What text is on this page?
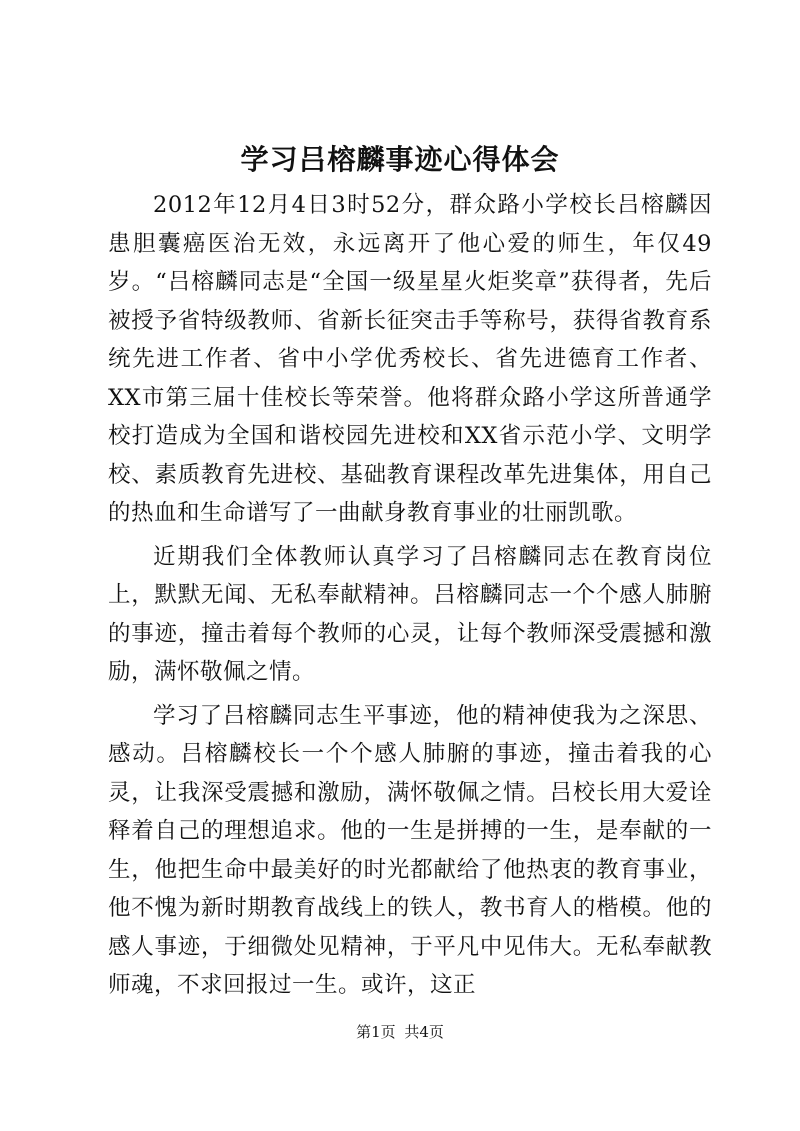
学习吕榕麟事迹心得体会

2012年12月4日3时52分，群众路小学校长吕榕麟因患胆囊癌医治无效，永远离开了他心爱的师生，年仅49岁。“吕榕麟同志是“全国一级星星火炬奖章”获得者，先后被授予省特级教师、省新长征突击手等称号，获得省教育系统先进工作者、省中小学优秀校长、省先进德育工作者、XX市第三届十佳校长等荣誉。他将群众路小学这所普通学校打造成为全国和谐校园先进校和XX省示范小学、文明学校、素质教育先进校、基础教育课程改革先进集体，用自己的热血和生命谱写了一曲献身教育事业的壮丽凯歌。

近期我们全体教师认真学习了吕榕麟同志在教育岗位上，默默无闻、无私奉献精神。吕榕麟同志一个个感人肺腑的事迹，撞击着每个教师的心灵，让每个教师深受震撼和激励，满怀敬佩之情。

学习了吕榕麟同志生平事迹，他的精神使我为之深思、感动。吕榕麟校长一个个感人肺腑的事迹，撞击着我的心灵，让我深受震撼和激励，满怀敬佩之情。吕校长用大爱诠释着自己的理想追求。他的一生是拼搏的一生，是奉献的一生，他把生命中最美好的时光都献给了他热衷的教育事业，他不愧为新时期教育战线上的铁人，教书育人的楷模。他的感人事迹，于细微处见精神，于平凡中见伟大。无私奉献教师魂，不求回报过一生。或许，这正

第1页 共4页
